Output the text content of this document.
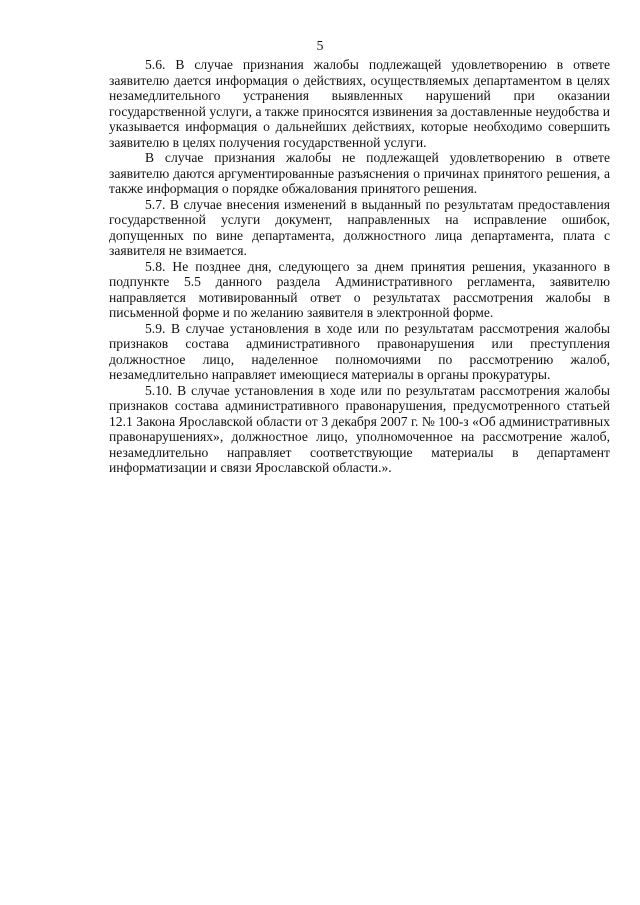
5

5.6. В случае признания жалобы подлежащей удовлетворению в ответе заявителю дается информация о действиях, осуществляемых департаментом в целях незамедлительного устранения выявленных нарушений при оказании государственной услуги, а также приносятся извинения за доставленные неудобства и указывается информация о дальнейших действиях, которые необходимо совершить заявителю в целях получения государственной услуги.

В случае признания жалобы не подлежащей удовлетворению в ответе заявителю даются аргументированные разъяснения о причинах принятого решения, а также информация о порядке обжалования принятого решения.

5.7. В случае внесения изменений в выданный по результатам предоставления государственной услуги документ, направленных на исправление ошибок, допущенных по вине департамента, должностного лица департамента, плата с заявителя не взимается.

5.8. Не позднее дня, следующего за днем принятия решения, указанного в подпункте 5.5 данного раздела Административного регламента, заявителю направляется мотивированный ответ о результатах рассмотрения жалобы в письменной форме и по желанию заявителя в электронной форме.

5.9. В случае установления в ходе или по результатам рассмотрения жалобы признаков состава административного правонарушения или преступления должностное лицо, наделенное полномочиями по рассмотрению жалоб, незамедлительно направляет имеющиеся материалы в органы прокуратуры.

5.10. В случае установления в ходе или по результатам рассмотрения жалобы признаков состава административного правонарушения, предусмотренного статьей 12.1 Закона Ярославской области от 3 декабря 2007 г. № 100-з «Об административных правонарушениях», должностное лицо, уполномоченное на рассмотрение жалоб, незамедлительно направляет соответствующие материалы в департамент информатизации и связи Ярославской области.».
